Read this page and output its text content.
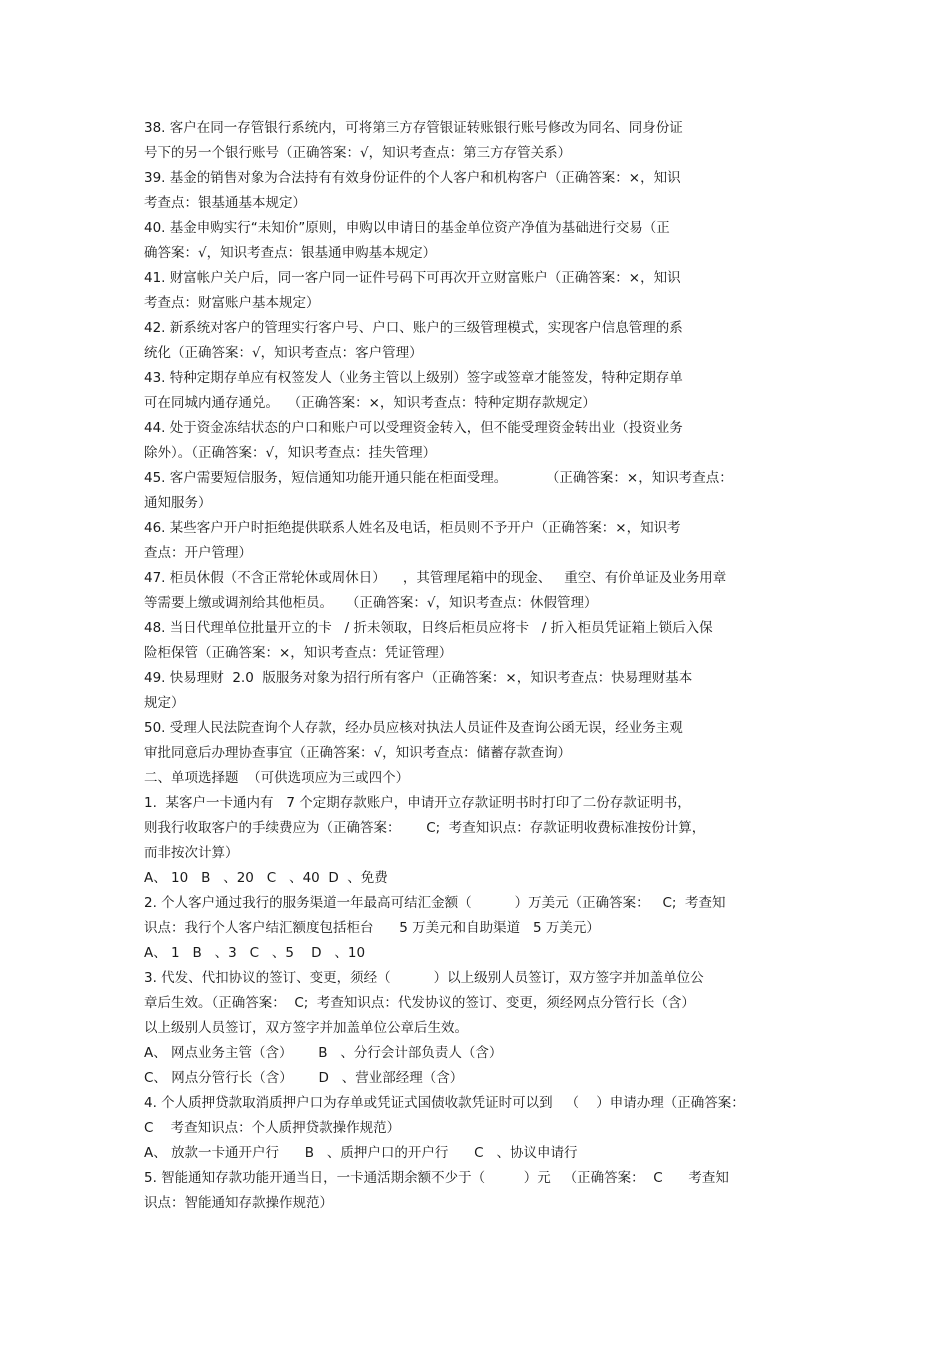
38. 客户在同一存管银行系统内，可将第三方存管银证转账银行账号修改为同名、同身份证
号下的另一个银行账号（正确答案：√，知识考查点：第三方存管关系）
39. 基金的销售对象为合法持有有效身份证件的个人客户和机构客户（正确答案：×，知识
考查点：银基通基本规定）
40. 基金申购实行“未知价”原则，申购以申请日的基金单位资产净值为基础进行交易（正
确答案：√，知识考查点：银基通申购基本规定）
41. 财富帐户关户后，同一客户同一证件号码下可再次开立财富账户（正确答案：×，知识
考查点：财富账户基本规定）
42. 新系统对客户的管理实行客户号、户口、账户的三级管理模式，实现客户信息管理的系
统化（正确答案：√，知识考查点：客户管理）
43. 特种定期存单应有权签发人（业务主管以上级别）签字或签章才能签发，特种定期存单
可在同城内通存通兑。  （正确答案：×，知识考查点：特种定期存款规定）
44. 处于资金冻结状态的户口和账户可以受理资金转入，但不能受理资金转出业（投资业务
除外）。（正确答案：√，知识考查点：挂失管理）
45. 客户需要短信服务，短信通知功能开通只能在柜面受理。         （正确答案：×，知识考查点：
通知服务）
46. 某些客户开户时拒绝提供联系人姓名及电话，柜员则不予开户（正确答案：×，知识考
查点：开户管理）
47. 柜员休假（不含正常轮休或周休日）    ，其管理尾箱中的现金、   重空、有价单证及业务用章
等需要上缴或调剂给其他柜员。   （正确答案：√，知识考查点：休假管理）
48. 当日代理单位批量开立的卡   / 折未领取，日终后柜员应将卡   / 折入柜员凭证箱上锁后入保
险柜保管（正确答案：×，知识考查点：凭证管理）
49. 快易理财  2.0  版服务对象为招行所有客户（正确答案：×，知识考查点：快易理财基本
规定）
50. 受理人民法院查询个人存款，经办员应核对执法人员证件及查询公函无误，经业务主观
审批同意后办理协查事宜（正确答案：√，知识考查点：储蓄存款查询）
二、单项选择题  （可供选项应为三或四个）
1.  某客户一卡通内有   7 个定期存款账户，申请开立存款证明书时打印了二份存款证明书，
则我行收取客户的手续费应为（正确答案：      C;  考查知识点：存款证明收费标准按份计算，
而非按次计算）
A、 10   B   、20   C   、40  D  、免费
2. 个人客户通过我行的服务渠道一年最高可结汇金额（          ）万美元（正确答案：   C;  考查知
识点：我行个人客户结汇额度包括柜台      5 万美元和自助渠道   5 万美元）
A、 1   B   、3   C   、5    D   、10
3. 代发、代扣协议的签订、变更，须经（          ）以上级别人员签订，双方签字并加盖单位公
章后生效。（正确答案：  C;  考查知识点：代发协议的签订、变更，须经网点分管行长（含）
以上级别人员签订，双方签字并加盖单位公章后生效。
A、 网点业务主管（含）      B   、分行会计部负责人（含）
C、 网点分管行长（含）      D   、营业部经理（含）
4. 个人质押贷款取消质押户口为存单或凭证式国债收款凭证时可以到   （    ）申请办理（正确答案：
C    考查知识点：个人质押贷款操作规范）
A、 放款一卡通开户行      B   、质押户口的开户行      C   、协议申请行
5. 智能通知存款功能开通当日，一卡通活期余额不少于（         ）元   （正确答案：  C      考查知
识点：智能通知存款操作规范）
